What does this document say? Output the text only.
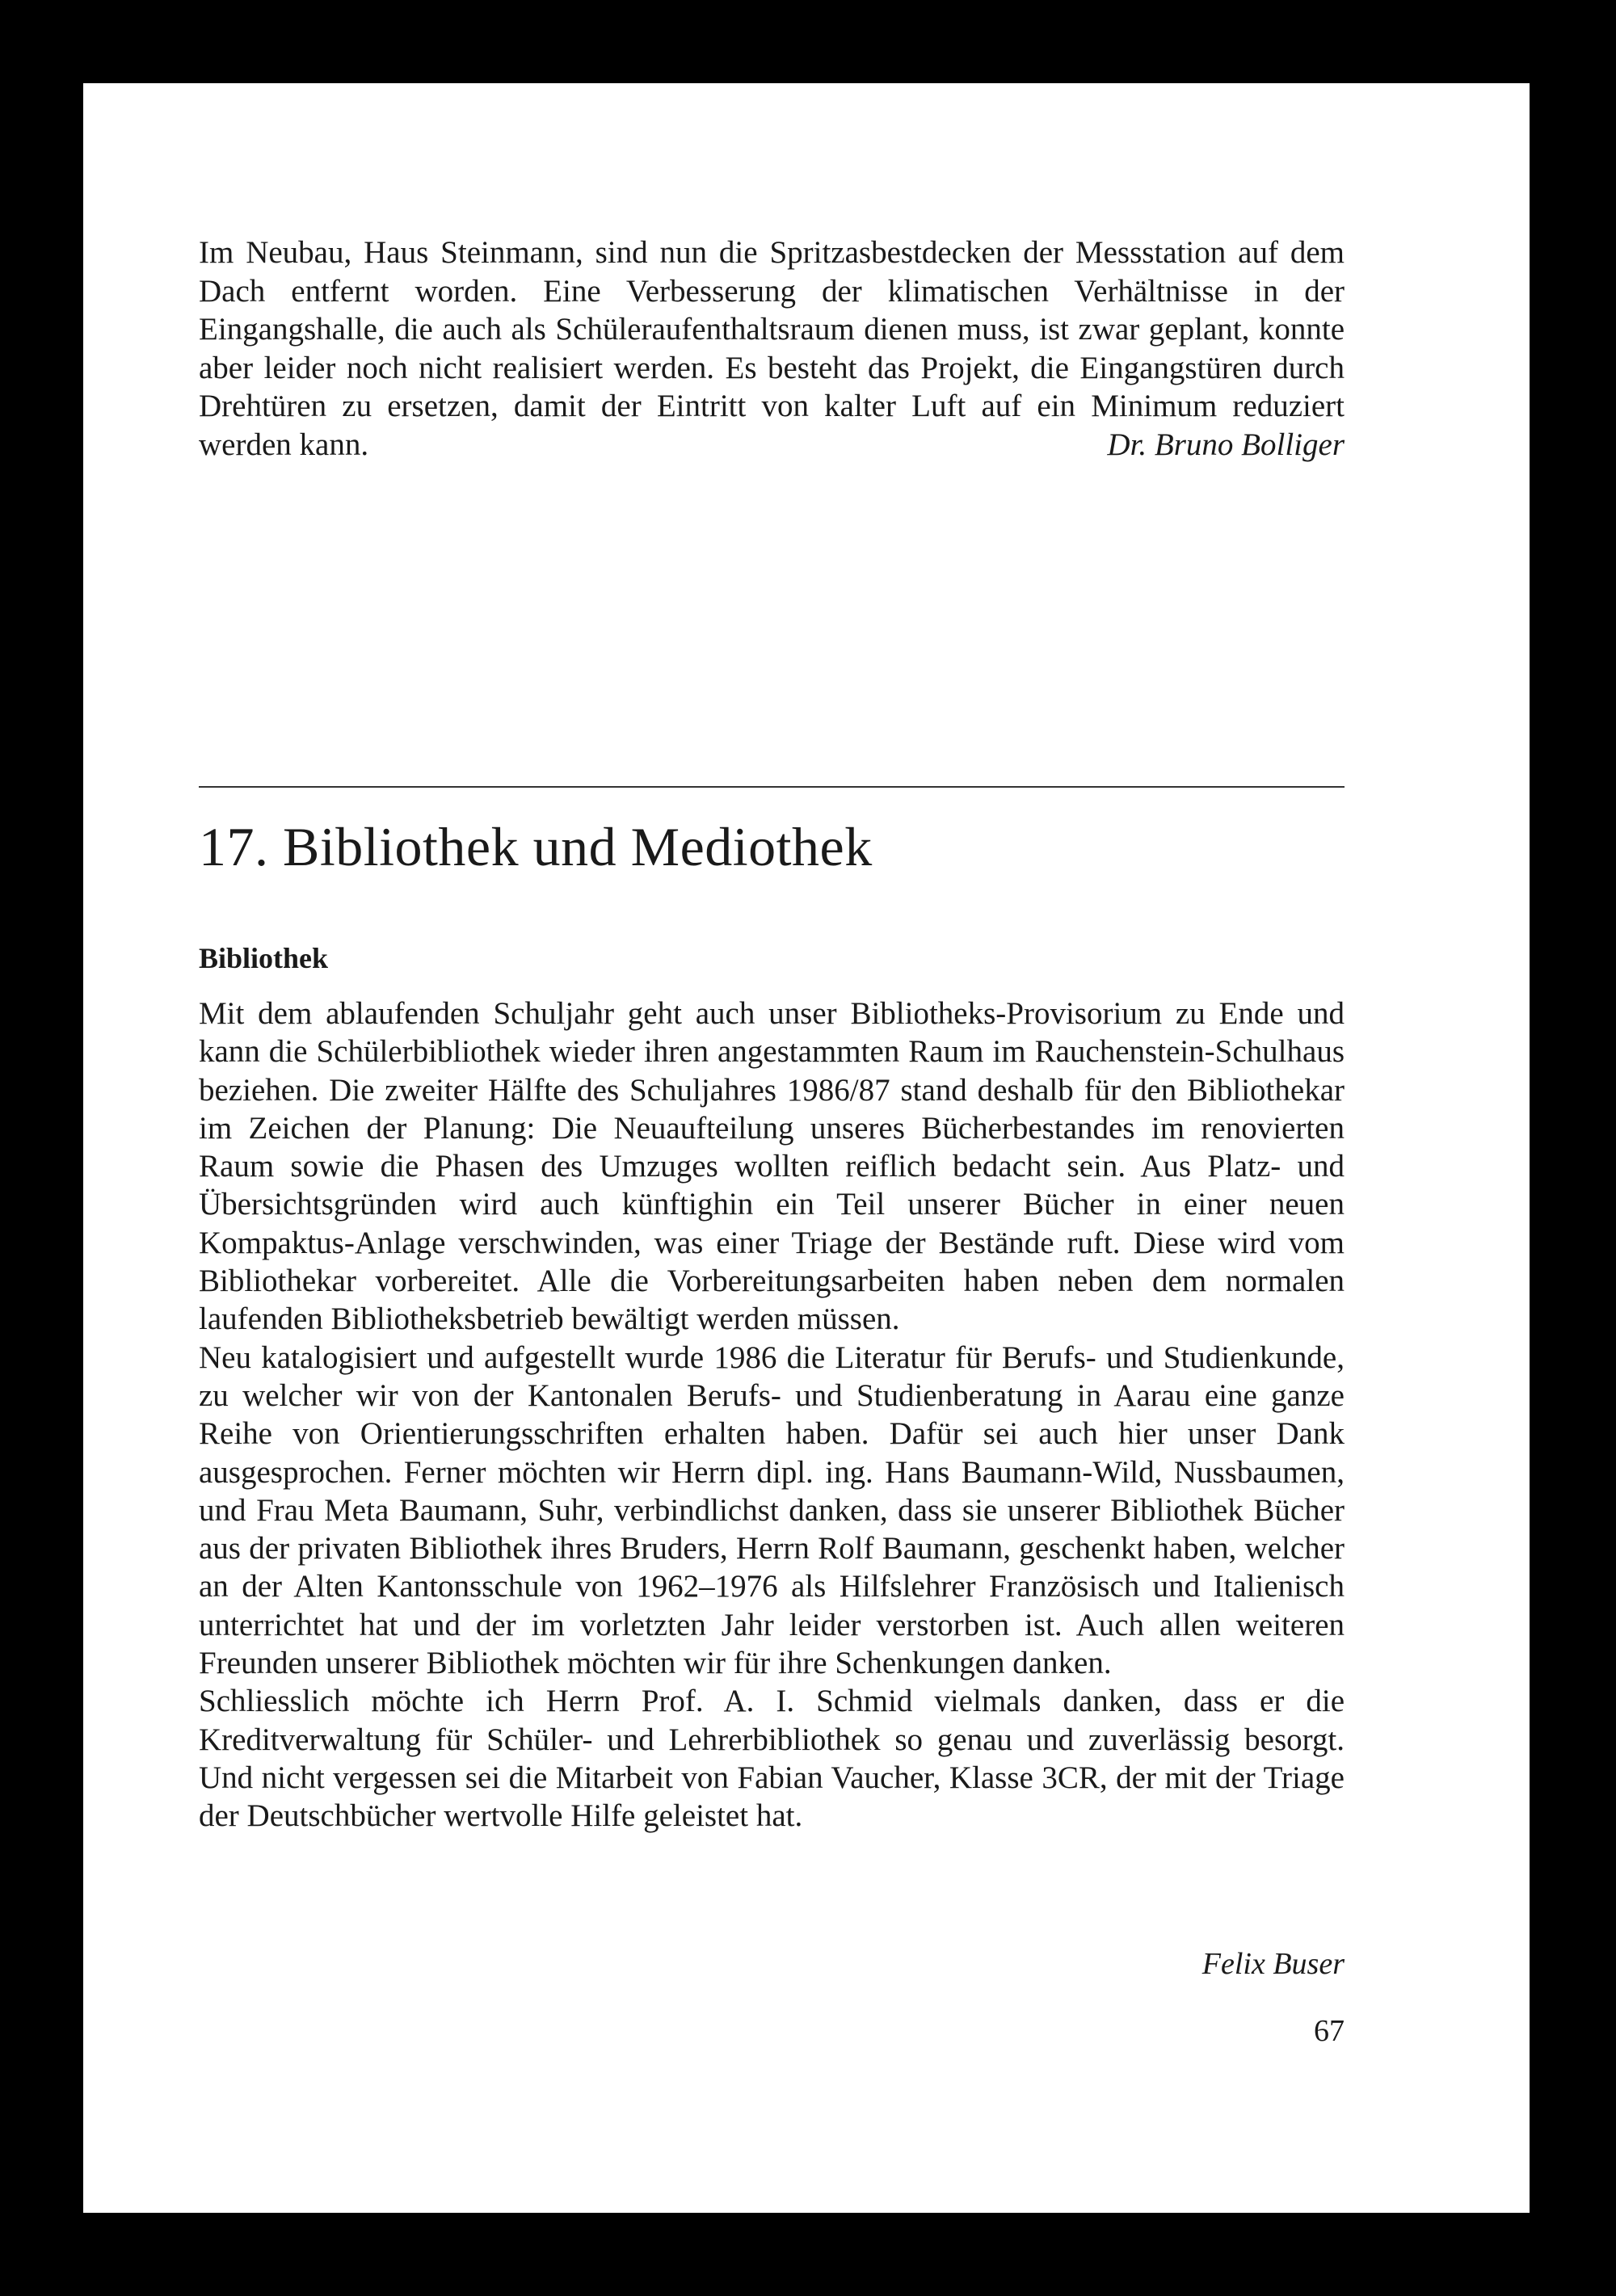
Im Neubau, Haus Steinmann, sind nun die Spritzasbestdecken der Messstation auf dem Dach entfernt worden. Eine Verbesserung der klimatischen Verhältnisse in der Eingangshalle, die auch als Schüleraufenthaltsraum dienen muss, ist zwar geplant, konnte aber leider noch nicht realisiert werden. Es besteht das Projekt, die Eingangstüren durch Drehtüren zu ersetzen, damit der Eintritt von kalter Luft auf ein Minimum reduziert werden kann.	Dr. Bruno Bolliger

17. Bibliothek und Mediothek
Bibliothek

Mit dem ablaufenden Schuljahr geht auch unser Bibliotheks-Provisorium zu Ende und kann die Schülerbibliothek wieder ihren angestammten Raum im Rauchenstein-Schulhaus beziehen. Die zweiter Hälfte des Schuljahres 1986/87 stand deshalb für den Bibliothekar im Zeichen der Planung: Die Neuaufteilung unseres Bücherbestandes im renovierten Raum sowie die Phasen des Umzuges wollten reiflich bedacht sein. Aus Platz- und Übersichtsgründen wird auch künftighin ein Teil unserer Bücher in einer neuen Kompaktus-Anlage verschwinden, was einer Triage der Bestände ruft. Diese wird vom Bibliothekar vorbereitet. Alle die Vorbereitungsarbeiten haben neben dem normalen laufenden Bibliotheksbetrieb bewältigt werden müssen.

Neu katalogisiert und aufgestellt wurde 1986 die Literatur für Berufs- und Studienkunde, zu welcher wir von der Kantonalen Berufs- und Studienberatung in Aarau eine ganze Reihe von Orientierungsschriften erhalten haben. Dafür sei auch hier unser Dank ausgesprochen. Ferner möchten wir Herrn dipl. ing. Hans Baumann-Wild, Nussbaumen, und Frau Meta Baumann, Suhr, verbindlichst danken, dass sie unserer Bibliothek Bücher aus der privaten Bibliothek ihres Bruders, Herrn Rolf Baumann, geschenkt haben, welcher an der Alten Kantonsschule von 1962–1976 als Hilfslehrer Französisch und Italienisch unterrichtet hat und der im vorletzten Jahr leider verstorben ist. Auch allen weiteren Freunden unserer Bibliothek möchten wir für ihre Schenkungen danken.

Schliesslich möchte ich Herrn Prof. A. I. Schmid vielmals danken, dass er die Kreditverwaltung für Schüler- und Lehrerbibliothek so genau und zuverlässig besorgt. Und nicht vergessen sei die Mitarbeit von Fabian Vaucher, Klasse 3CR, der mit der Triage der Deutschbücher wertvolle Hilfe geleistet hat.

Felix Buser
67
